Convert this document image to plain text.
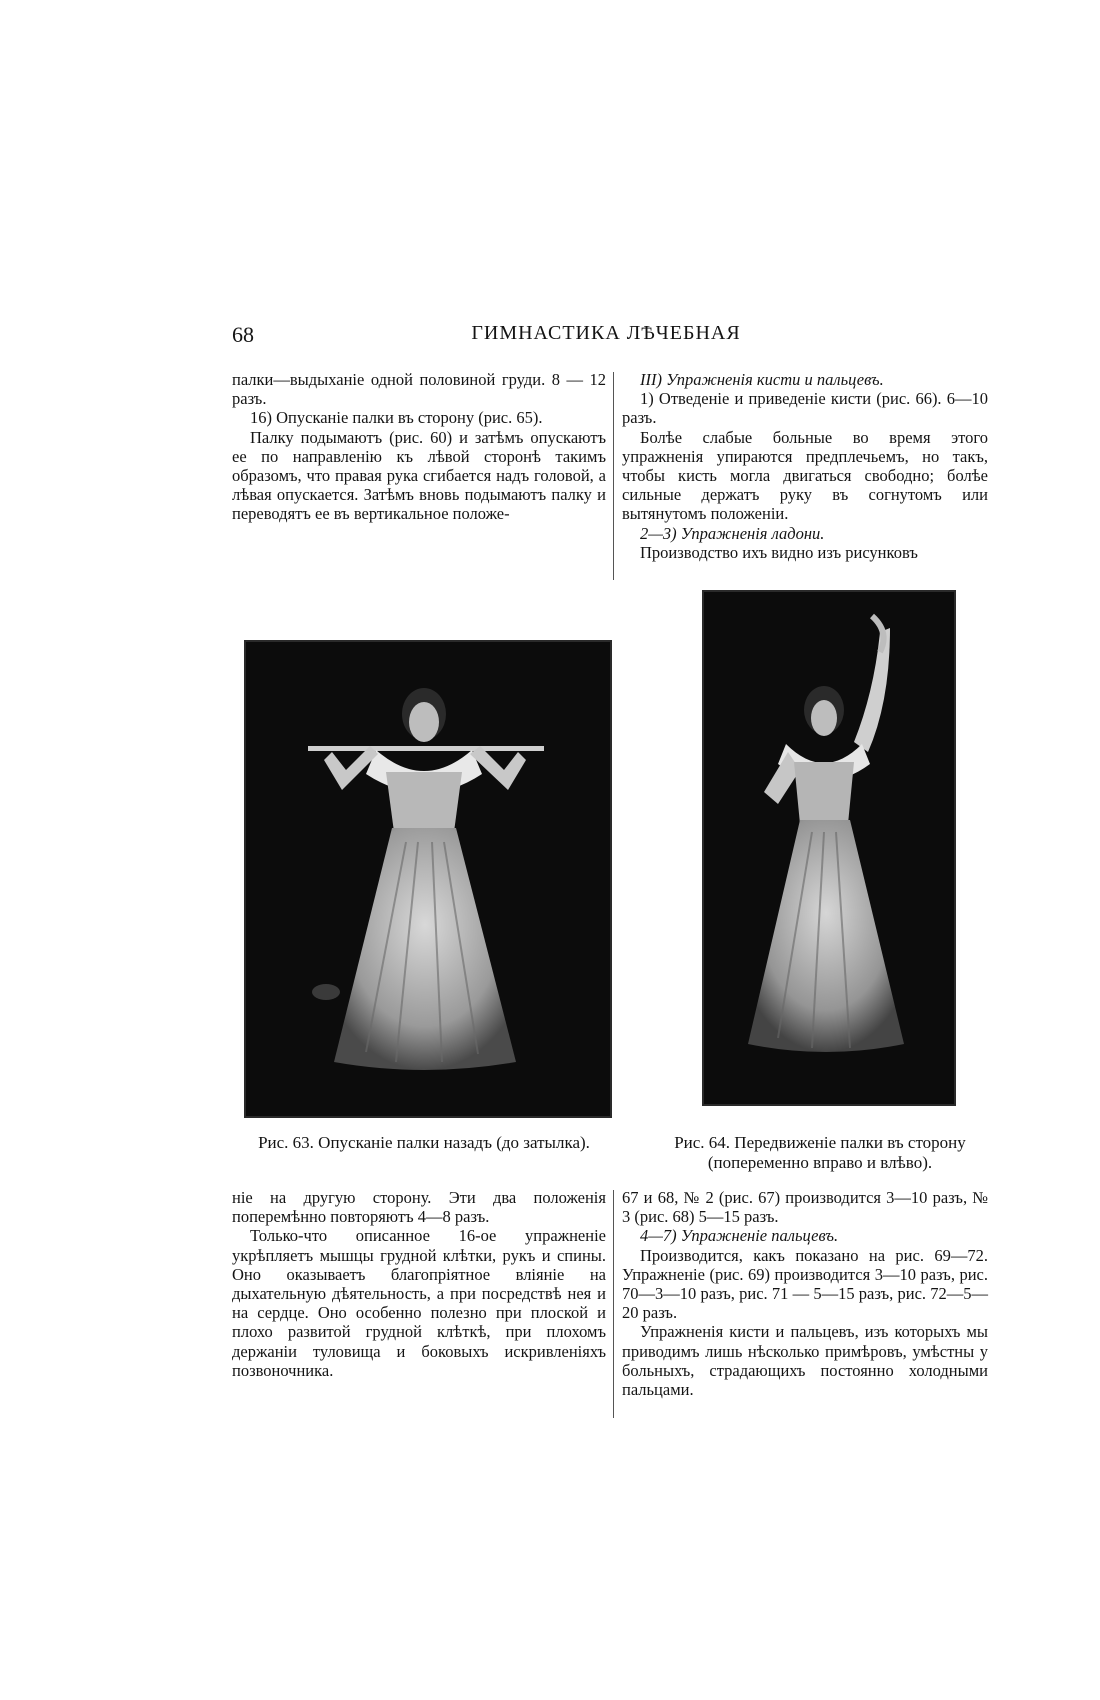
68	ГИМНАСТИКА ЛѢЧЕБНАЯ

палки—выдыханіе одной половиной груди. 8 — 12 разъ.

16) Опусканіе палки въ сторону (рис. 65).

Палку подымаютъ (рис. 60) и затѣмъ опускаютъ ее по направленію къ лѣвой сторонѣ такимъ образомъ, что правая рука сгибается надъ головой, а лѣвая опускается. Затѣмъ вновь подымаютъ палку и переводятъ ее въ вертикальное положе-

III) Упражненія кисти и пальцевъ.

1) Отведеніе и приведеніе кисти (рис. 66). 6—10 разъ.

Болѣе слабые больные во время этого упражненія упираются предплечьемъ, но такъ, чтобы кисть могла двигаться свободно; болѣе сильные держатъ руку въ согнутомъ или вытянутомъ положеніи.

2—3) Упражненія ладони.

Производство ихъ видно изъ рисунковъ

Рис. 63. Опусканіе палки назадъ (до затылка).	Рис. 64. Передвиженіе палки въ сторону (попеременно вправо и влѣво).

ніе на другую сторону. Эти два положенія поперемѣнно повторяютъ 4—8 разъ.

Только-что описанное 16-ое упражненіе укрѣпляетъ мышцы грудной клѣтки, рукъ и спины. Оно оказываетъ благопріятное вліяніе на дыхательную дѣятельность, а при посредствѣ нея и на сердце. Оно особенно полезно при плоской и плохо развитой грудной клѣткѣ, при плохомъ держаніи туловища и боковыхъ искривленіяхъ позвоночника.

67 и 68, № 2 (рис. 67) производится 3—10 разъ, № 3 (рис. 68) 5—15 разъ.

4—7) Упражненіе пальцевъ.

Производится, какъ показано на рис. 69—72. Упражненіе (рис. 69) производится 3—10 разъ, рис. 70—3—10 разъ, рис. 71 — 5—15 разъ, рис. 72—5—20 разъ.

Упражненія кисти и пальцевъ, изъ которыхъ мы приводимъ лишь нѣсколько примѣровъ, умѣстны у больныхъ, страдающихъ постоянно холодными пальцами.
